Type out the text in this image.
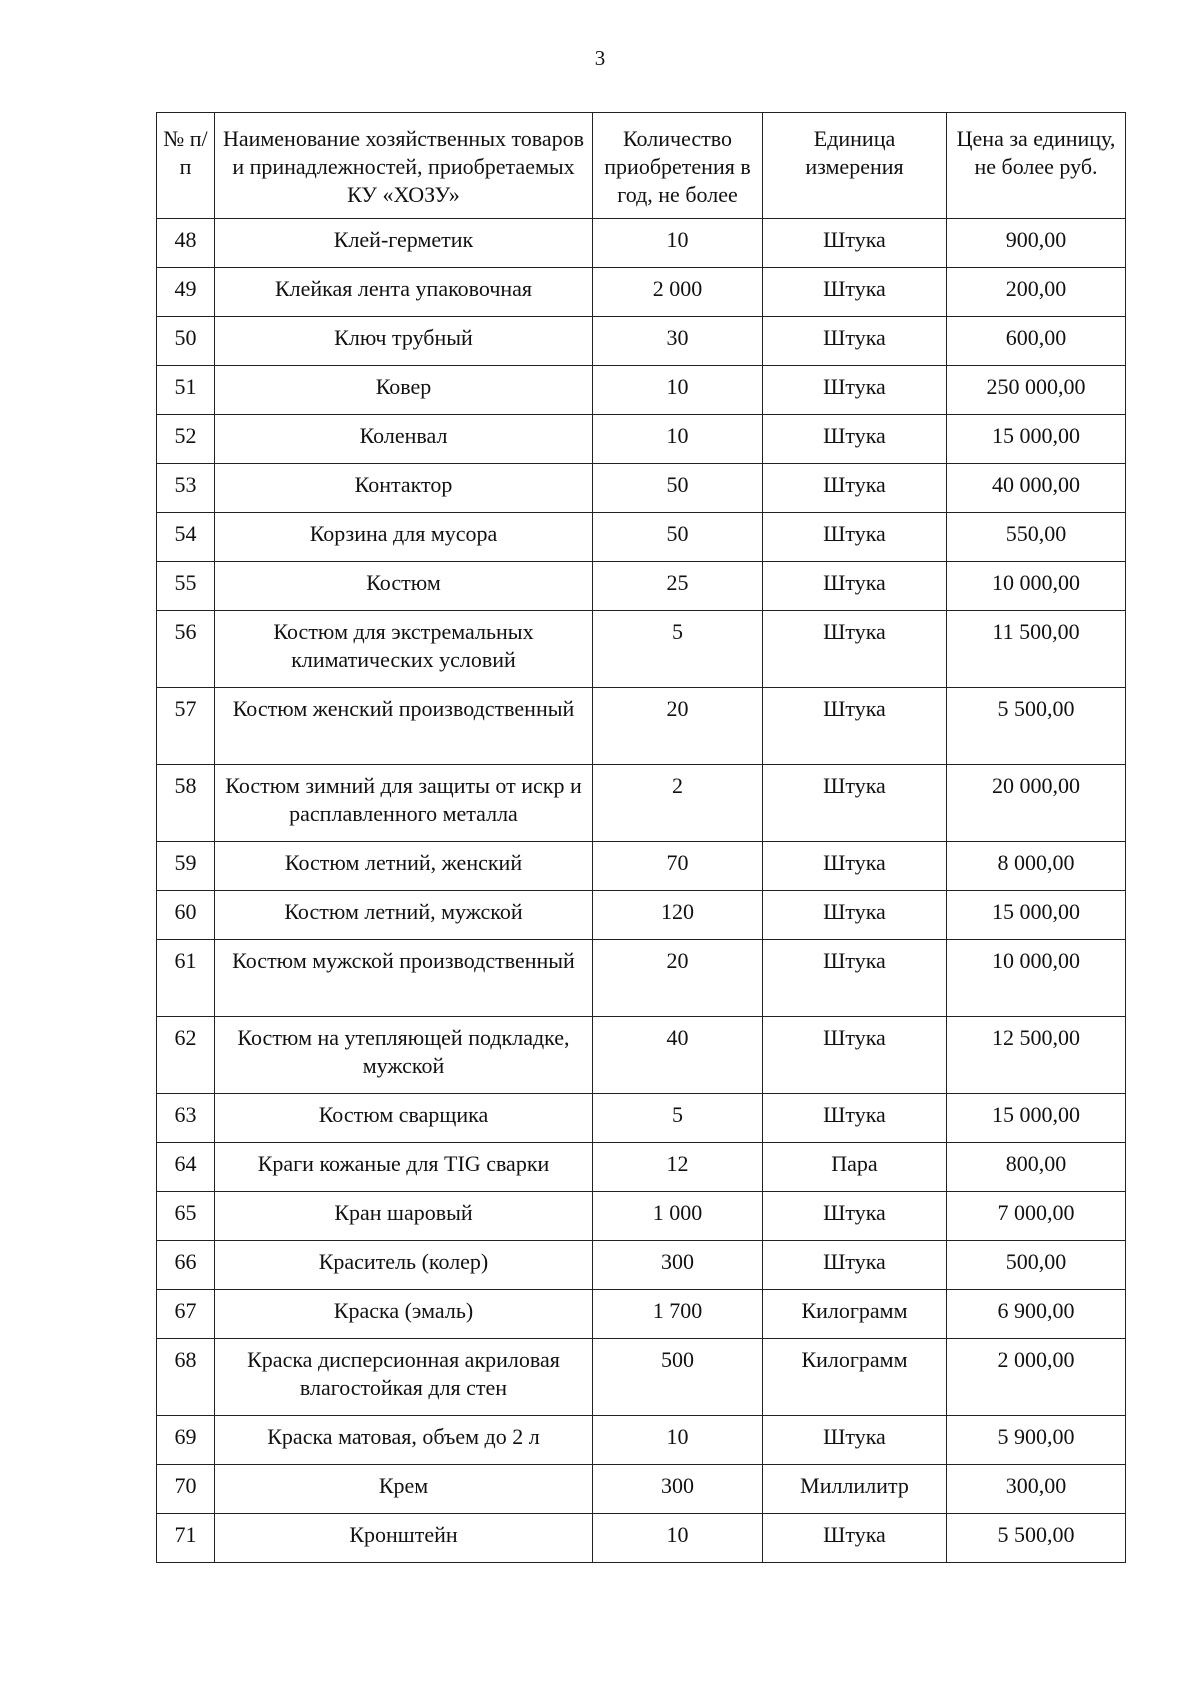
3
№ п/п	Наименование хозяйственных товаров и принадлежностей, приобретаемых КУ «ХОЗУ»	Количество приобретения в год, не более	Единица измерения	Цена за единицу, не более руб.
48	Клей-герметик	10	Штука	900,00
49	Клейкая лента упаковочная	2 000	Штука	200,00
50	Ключ трубный	30	Штука	600,00
51	Ковер	10	Штука	250 000,00
52	Коленвал	10	Штука	15 000,00
53	Контактор	50	Штука	40 000,00
54	Корзина для мусора	50	Штука	550,00
55	Костюм	25	Штука	10 000,00
56	Костюм для экстремальных климатических условий	5	Штука	11 500,00
57	Костюм женский производственный	20	Штука	5 500,00
58	Костюм зимний для защиты от искр и расплавленного металла	2	Штука	20 000,00
59	Костюм летний, женский	70	Штука	8 000,00
60	Костюм летний, мужской	120	Штука	15 000,00
61	Костюм мужской производственный	20	Штука	10 000,00
62	Костюм на утепляющей подкладке, мужской	40	Штука	12 500,00
63	Костюм сварщика	5	Штука	15 000,00
64	Краги кожаные для TIG сварки	12	Пара	800,00
65	Кран шаровый	1 000	Штука	7 000,00
66	Краситель (колер)	300	Штука	500,00
67	Краска (эмаль)	1 700	Килограмм	6 900,00
68	Краска дисперсионная акриловая влагостойкая для стен	500	Килограмм	2 000,00
69	Краска матовая, объем до 2 л	10	Штука	5 900,00
70	Крем	300	Миллилитр	300,00
71	Кронштейн	10	Штука	5 500,00
